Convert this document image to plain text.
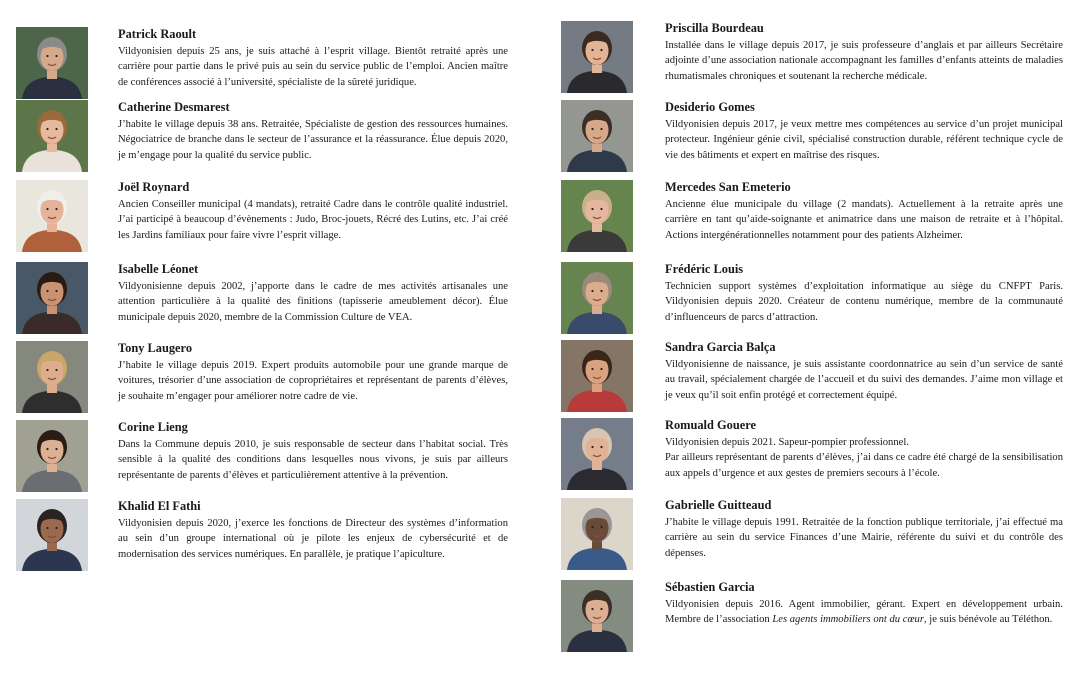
Patrick Raoult

Vildyonisien depuis 25 ans, je suis attaché à l’esprit village. Bientôt retraité après une carrière pour partie dans le privé puis au sein du service public de l’emploi. Ancien maître de conférences associé à l’université, spécialiste de la sûreté juridique.

Catherine Desmarest

J’habite le village depuis 38 ans. Retraitée, Spécialiste de gestion des ressources humaines. Négociatrice de branche dans le secteur de l’assurance et la réassurance. Élue depuis 2020, je m’engage pour la qualité du service public.

Joël Roynard

Ancien Conseiller municipal (4 mandats), retraité Cadre dans le contrôle qualité industriel. J’ai participé à beaucoup d’évènements : Judo, Broc-jouets, Récré des Lutins, etc. J’ai créé les Jardins familiaux pour faire vivre l’esprit village.

Isabelle Léonet

Vildyonisienne depuis 2002, j’apporte dans le cadre de mes activités artisanales une attention particulière à la qualité des finitions (tapisserie ameublement décor). Élue municipale depuis 2020, membre de la Commission Culture de VEA.

Tony Laugero

J’habite le village depuis 2019. Expert produits automobile pour une grande marque de voitures, trésorier d’une association de copropriétaires et représentant de parents d’élèves, je souhaite m’engager pour améliorer notre cadre de vie.

Corine Lieng

Dans la Commune depuis 2010, je suis responsable de secteur dans l’habitat social. Très sensible à la qualité des conditions dans lesquelles nous vivons, je suis par ailleurs représentante de parents d’élèves et particulièrement attentive à la prévention.

Khalid El Fathi

Vildyonisien depuis 2020, j’exerce les fonctions de Directeur des systèmes d’information au sein d’un groupe international où je pilote les enjeux de cybersécurité et de modernisation des services numériques. En parallèle, je pratique l’apiculture.

Priscilla Bourdeau

Installée dans le village depuis 2017, je suis professeure d’anglais et par ailleurs Secrétaire adjointe d’une association nationale accompagnant les familles d’enfants atteints de maladies rhumatismales chroniques et soutenant la recherche médicale.

Desiderio Gomes

Vildyonisien depuis 2017, je veux mettre mes compétences au service d’un projet municipal protecteur. Ingénieur génie civil, spécialisé construction durable, référent technique cycle de vie des bâtiments et expert en maîtrise des risques.

Mercedes San Emeterio

Ancienne élue municipale du village (2 mandats). Actuellement à la retraite après une carrière en tant qu’aide-soignante et animatrice dans une maison de retraite et à l’hôpital. Actions intergénérationnelles notamment pour des patients Alzheimer.

Frédéric Louis

Technicien support systèmes d’exploitation informatique au siège du CNFPT Paris. Vildyonisien depuis 2020. Créateur de contenu numérique, membre de la communauté d’influenceurs de parcs d’attraction.

Sandra Garcia Balça

Vildyonisienne de naissance, je suis assistante coordonnatrice au sein d’un service de santé au travail, spécialement chargée de l’accueil et du suivi des demandes. J’aime mon village et je veux qu’il soit enfin protégé et correctement équipé.

Romuald Gouere

Vildyonisien depuis 2021. Sapeur-pompier professionnel.

Par ailleurs représentant de parents d’élèves, j’ai dans ce cadre été chargé de la sensibilisation aux appels d’urgence et aux gestes de premiers secours à l’école.

Gabrielle Guitteaud

J’habite le village depuis 1991. Retraitée de la fonction publique territoriale, j’ai effectué ma carrière au sein du service Finances d’une Mairie, référente du suivi et du contrôle des dépenses.

Sébastien Garcia

Vildyonisien depuis 2016. Agent immobilier, gérant. Expert en développement urbain. Membre de l’association Les agents immobiliers ont du cœur, je suis bénévole au Téléthon.
